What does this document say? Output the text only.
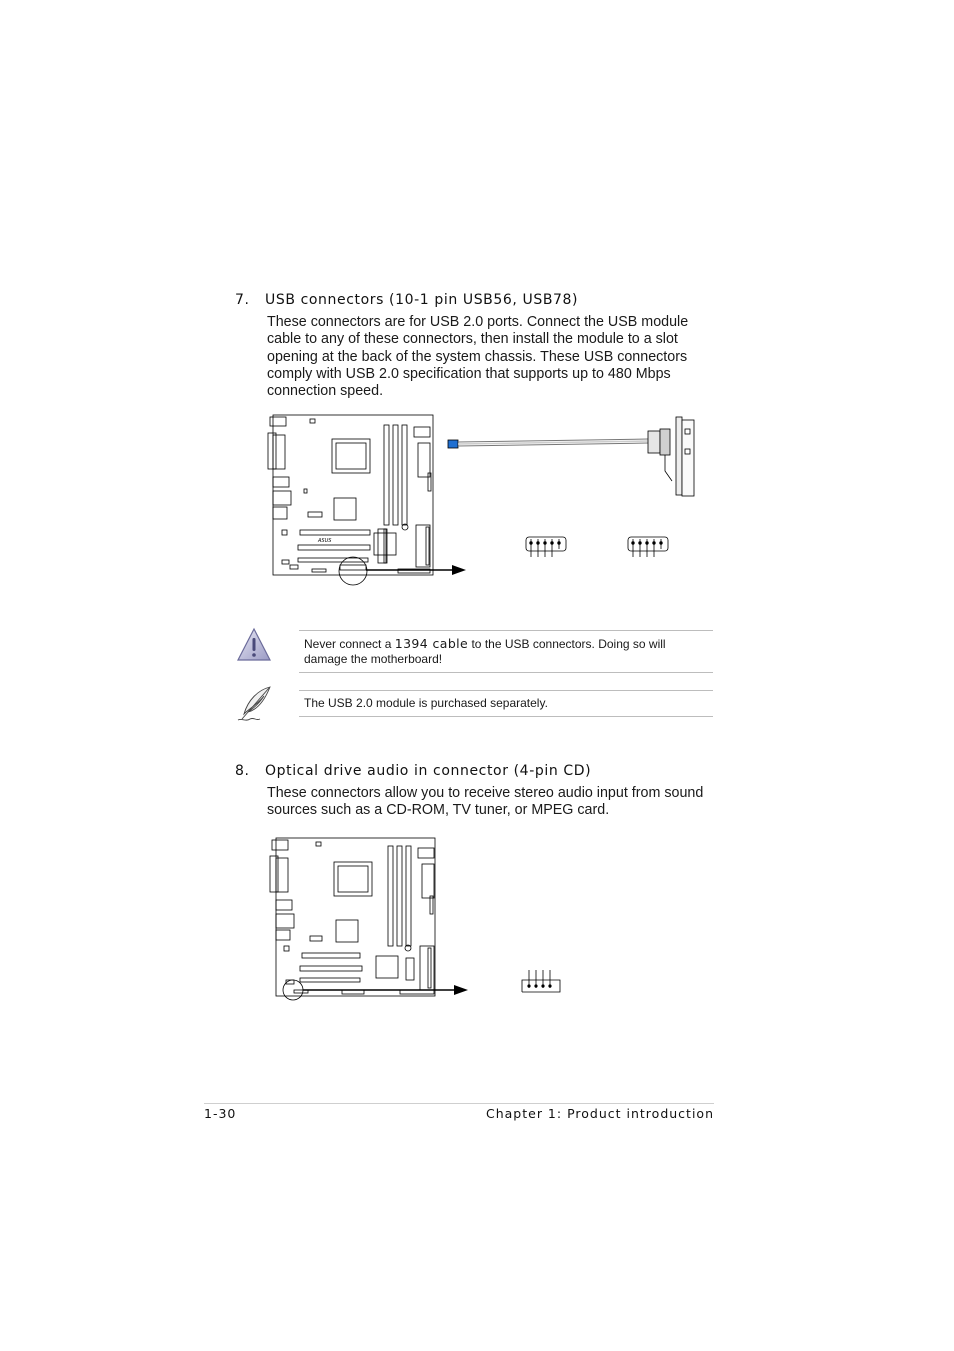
7. USB connectors (10-1 pin USB56, USB78)
These connectors are for USB 2.0 ports. Connect the USB module
cable to any of these connectors, then install the module to a slot
opening at the back of the system chassis. These USB connectors
comply with USB 2.0 specification that supports up to 480 Mbps
connection speed.
ASUS
Never connect a 1394 cable to the USB connectors. Doing so will
damage the motherboard!
The USB 2.0 module is purchased separately.
8. Optical drive audio in connector (4-pin CD)
These connectors allow you to receive stereo audio input from sound
sources such as a CD-ROM, TV tuner, or MPEG card.
1-30	Chapter 1: Product introduction
